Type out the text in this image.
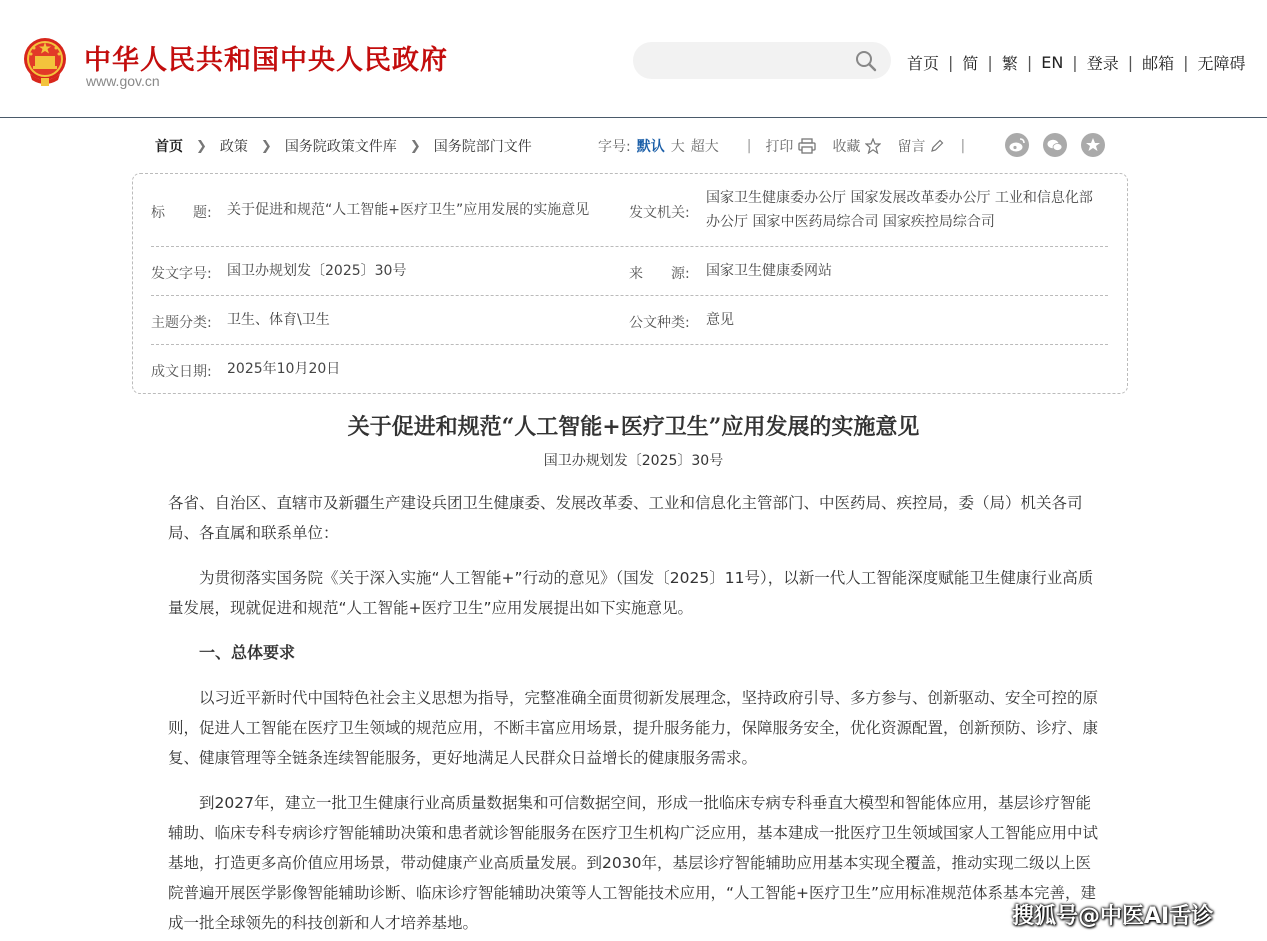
中华人民共和国中央人民政府
www.gov.cn
首页 | 简 | 繁 | EN | 登录 | 邮箱 | 无障碍
首页 ❯ 政策 ❯ 国务院政策文件库 ❯ 国务院部门文件	字号: 默认 大 超大 | 打印	收藏	留言	|
标　　题: 关于促进和规范“人工智能+医疗卫生”应用发展的实施意见	发文机关:
国家卫生健康委办公厅 国家发展改革委办公厅 工业和信息化部办公厅 国家中医药局综合司 国家疾控局综合司
发文字号: 国卫办规划发〔2025〕30号	来　　源: 国家卫生健康委网站
主题分类: 卫生、体育\卫生	公文种类: 意见
成文日期: 2025年10月20日
关于促进和规范“人工智能+医疗卫生”应用发展的实施意见
国卫办规划发〔2025〕30号

各省、自治区、直辖市及新疆生产建设兵团卫生健康委、发展改革委、工业和信息化主管部门、中医药局、疾控局，委（局）机关各司局、各直属和联系单位：

为贯彻落实国务院《关于深入实施“人工智能+”行动的意见》（国发〔2025〕11号），以新一代人工智能深度赋能卫生健康行业高质量发展，现就促进和规范“人工智能+医疗卫生”应用发展提出如下实施意见。

一、总体要求

以习近平新时代中国特色社会主义思想为指导，完整准确全面贯彻新发展理念，坚持政府引导、多方参与、创新驱动、安全可控的原则，促进人工智能在医疗卫生领域的规范应用，不断丰富应用场景，提升服务能力，保障服务安全，优化资源配置，创新预防、诊疗、康复、健康管理等全链条连续智能服务，更好地满足人民群众日益增长的健康服务需求。

到2027年，建立一批卫生健康行业高质量数据集和可信数据空间，形成一批临床专病专科垂直大模型和智能体应用，基层诊疗智能辅助、临床专科专病诊疗智能辅助决策和患者就诊智能服务在医疗卫生机构广泛应用，基本建成一批医疗卫生领域国家人工智能应用中试基地，打造更多高价值应用场景，带动健康产业高质量发展。到2030年，基层诊疗智能辅助应用基本实现全覆盖，推动实现二级以上医院普遍开展医学影像智能辅助诊断、临床诊疗智能辅助决策等人工智能技术应用，“人工智能+医疗卫生”应用标准规范体系基本完善，建成一批全球领先的科技创新和人才培养基地。	搜狐号@中医AI舌诊
